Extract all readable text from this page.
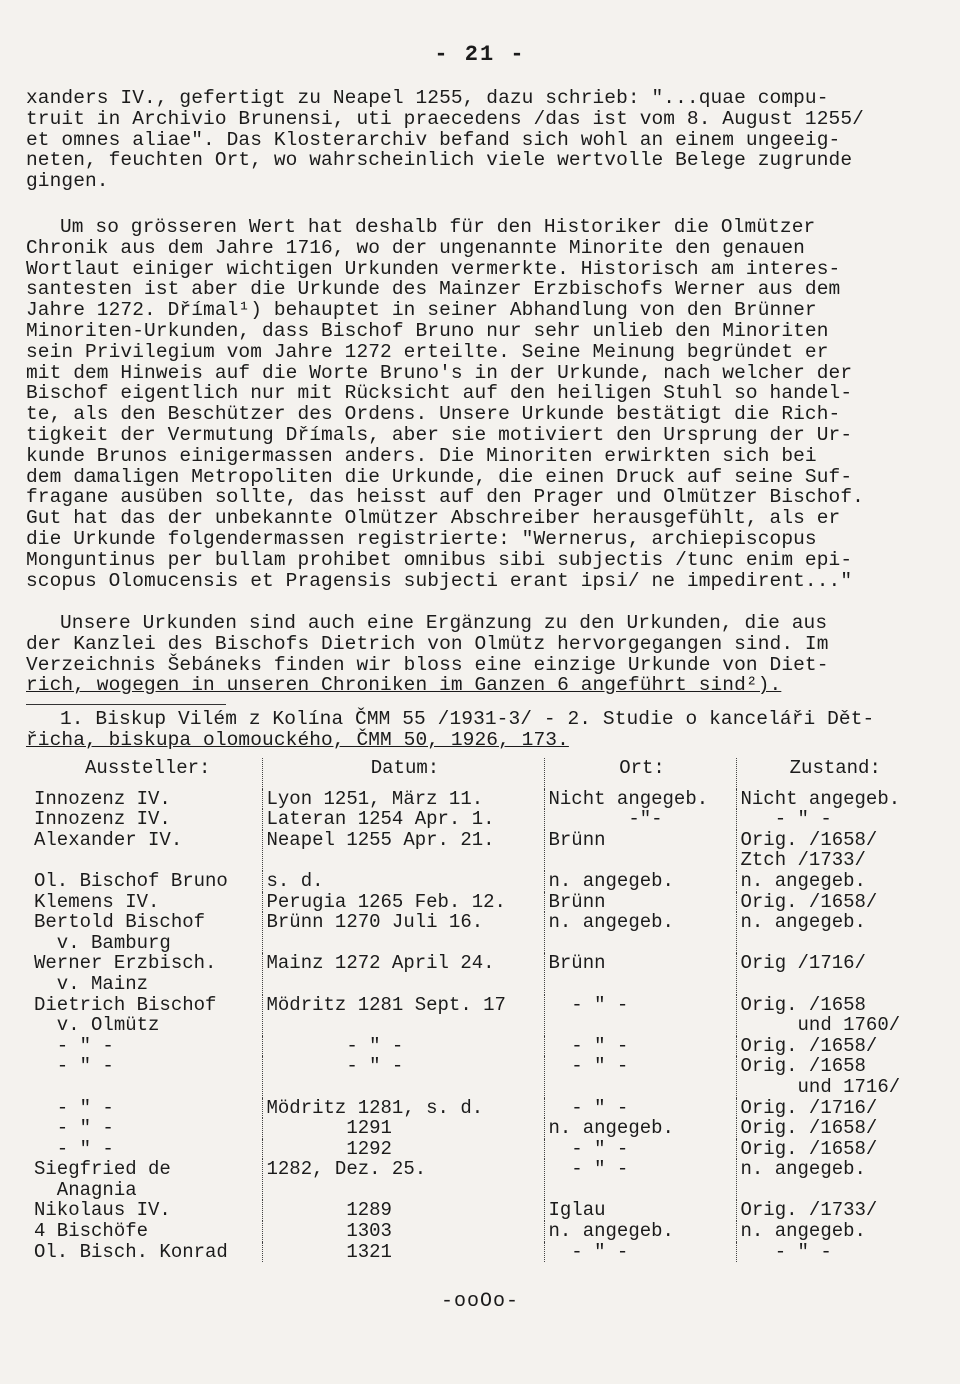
- 21 -
xanders IV., gefertigt zu Neapel 1255, dazu schrieb: "...quae compu-
truit in Archivio Brunensi, uti praecedens /das ist vom 8. August 1255/
et omnes aliae". Das Klosterarchiv befand sich wohl an einem ungeeig-
neten, feuchten Ort, wo wahrscheinlich viele wertvolle Belege zugrunde
gingen.
Um so grösseren Wert hat deshalb für den Historiker die Olmützer
Chronik aus dem Jahre 1716, wo der ungenannte Minorite den genauen
Wortlaut einiger wichtigen Urkunden vermerkte. Historisch am interes-
santesten ist aber die Urkunde des Mainzer Erzbischofs Werner aus dem
Jahre 1272. Dřímal¹) behauptet in seiner Abhandlung von den Brünner
Minoriten-Urkunden, dass Bischof Bruno nur sehr unlieb den Minoriten
sein Privilegium vom Jahre 1272 erteilte. Seine Meinung begründet er
mit dem Hinweis auf die Worte Bruno's in der Urkunde, nach welcher der
Bischof eigentlich nur mit Rücksicht auf den heiligen Stuhl so handel-
te, als den Beschützer des Ordens. Unsere Urkunde bestätigt die Rich-
tigkeit der Vermutung Dřímals, aber sie motiviert den Ursprung der Ur-
kunde Brunos einigermassen anders. Die Minoriten erwirkten sich bei
dem damaligen Metropoliten die Urkunde, die einen Druck auf seine Suf-
fragane ausüben sollte, das heisst auf den Prager und Olmützer Bischof.
Gut hat das der unbekannte Olmützer Abschreiber herausgefühlt, als er
die Urkunde folgendermassen registrierte: "Wernerus, archiepiscopus
Monguntinus per bullam prohibet omnibus sibi subjectis /tunc enim epi-
scopus Olomucensis et Pragensis subjecti erant ipsi/ ne impedirent..."
Unsere Urkunden sind auch eine Ergänzung zu den Urkunden, die aus
der Kanzlei des Bischofs Dietrich von Olmütz hervorgegangen sind. Im
Verzeichnis Šebáneks finden wir bloss eine einzige Urkunde von Diet-
rich, wogegen in unseren Chroniken im Ganzen 6 angeführt sind²).
1. Biskup Vilém z Kolína ČMM 55 /1931-3/ - 2. Studie o kanceláři Dět-
řicha, biskupa olomouckého, ČMM 50, 1926, 173.
Aussteller:	Datum:	Ort:	Zustand:
Innozenz IV.	Lyon 1251, März 11.	Nicht angegeb.	Nicht angegeb.
Innozenz IV.	Lateran 1254 Apr. 1.	-"-	- " -
Alexander IV.	Neapel 1255 Apr. 21.	Brünn	Orig. /1658/
Ztch /1733/
Ol. Bischof Bruno	s. d.	n. angegeb.	n. angegeb.
Klemens IV.	Perugia 1265 Feb. 12.	Brünn	Orig. /1658/
Bertold Bischof
v. Bamburg	Brünn 1270 Juli 16.	n. angegeb.	n. angegeb.
Werner Erzbisch.
v. Mainz	Mainz 1272 April 24.	Brünn	Orig /1716/
Dietrich Bischof
v. Olmütz	Mödritz 1281 Sept. 17	- " -	Orig. /1658
und 1760/
- " -	- " -	- " -	Orig. /1658/
- " -	- " -	- " -	Orig. /1658
und 1716/
- " -	Mödritz 1281, s. d.	- " -	Orig. /1716/
- " -	1291	n. angegeb.	Orig. /1658/
- " -	1292	- " -	Orig. /1658/
Siegfried de
Anagnia	1282, Dez. 25.	- " -	n. angegeb.
Nikolaus IV.	1289	Iglau	Orig. /1733/
4 Bischöfe	1303	n. angegeb.	n. angegeb.
Ol. Bisch. Konrad	1321	- " -	- " -
-ooOo-
